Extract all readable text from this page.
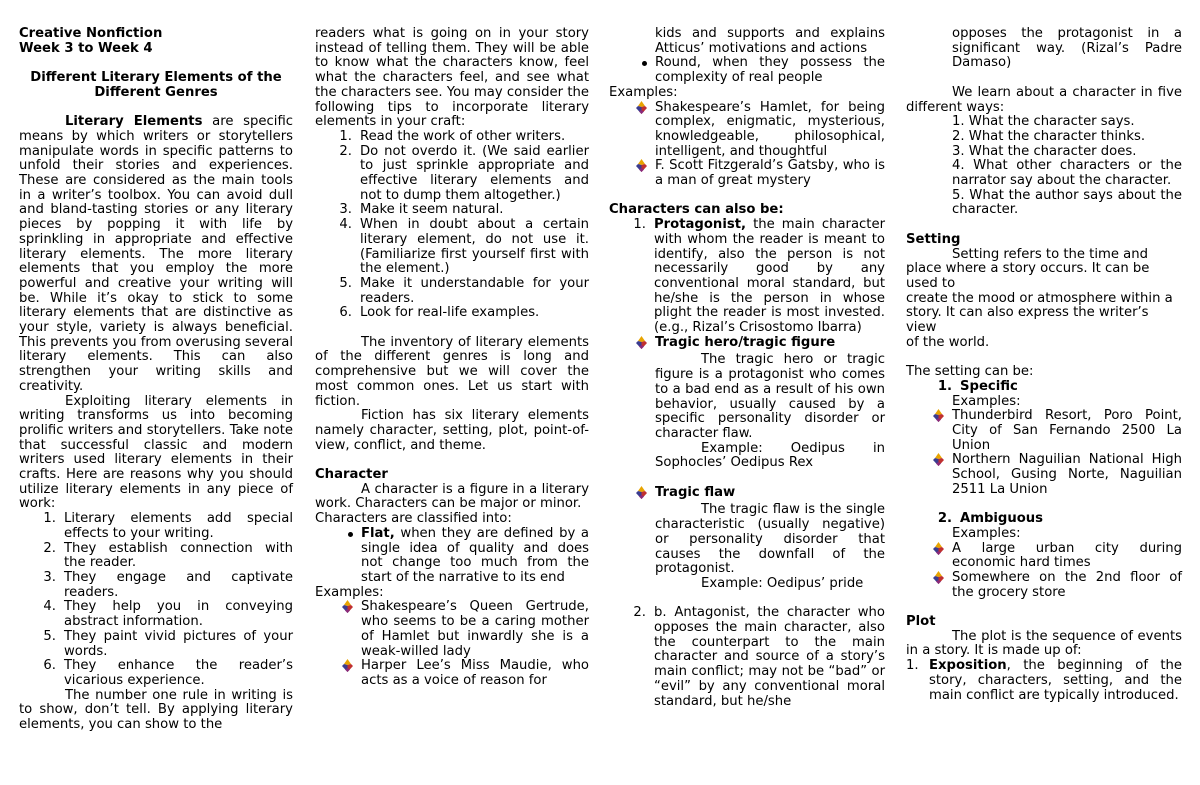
Creative Nonfiction

Week 3 to Week 4

Different Literary Elements of the Different Genres

Literary Elements are specific means by which writers or storytellers manipulate words in specific patterns to unfold their stories and experiences. These are considered as the main tools in a writer’s toolbox. You can avoid dull and bland-tasting stories or any literary pieces by popping it with life by sprinkling in appropriate and effective literary elements. The more literary elements that you employ the more powerful and creative your writing will be. While it’s okay to stick to some literary elements that are distinctive as your style, variety is always beneficial. This prevents you from overusing several literary elements. This can also strengthen your writing skills and creativity.

Exploiting literary elements in writing transforms us into becoming prolific writers and storytellers. Take note that successful classic and modern writers used literary elements in their crafts. Here are reasons why you should utilize literary elements in any piece of work:

1. Literary elements add special effects to your writing.
2. They establish connection with the reader.
3. They engage and captivate readers.
4. They help you in conveying abstract information.
5. They paint vivid pictures of your words.
6. They enhance the reader’s vicarious experience.

The number one rule in writing is to show, don’t tell. By applying literary elements, you can show to the

readers what is going on in your story instead of telling them. They will be able to know what the characters know, feel what the characters feel, and see what the characters see. You may consider the following tips to incorporate literary elements in your craft:

1. Read the work of other writers.
2. Do not overdo it. (We said earlier to just sprinkle appropriate and effective literary elements and not to dump them altogether.)
3. Make it seem natural.
4. When in doubt about a certain literary element, do not use it. (Familiarize first yourself first with the element.)
5. Make it understandable for your readers.
6. Look for real-life examples.

The inventory of literary elements of the different genres is long and comprehensive but we will cover the most common ones. Let us start with fiction.

Fiction has six literary elements namely character, setting, plot, point-of-view, conflict, and theme.

Character

A character is a figure in a literary work. Characters can be major or minor.

Characters are classified into:

Flat, when they are defined by a single idea of quality and does not change too much from the start of the narrative to its end

Examples:

Shakespeare’s Queen Gertrude, who seems to be a caring mother of Hamlet but inwardly she is a weak-willed lady
Harper Lee’s Miss Maudie, who acts as a voice of reason for

kids and supports and explains Atticus’ motivations and actions

Round, when they possess the complexity of real people

Examples:

Shakespeare’s Hamlet, for being complex, enigmatic, mysterious, knowledgeable, philosophical, intelligent, and thoughtful
F. Scott Fitzgerald’s Gatsby, who is a man of great mystery

Characters can also be:

1. Protagonist, the main character with whom the reader is meant to identify, also the person is not necessarily good by any conventional moral standard, but he/she is the person in whose plight the reader is most invested. (e.g., Rizal’s Crisostomo Ibarra)
Tragic hero/tragic figure

The tragic hero or tragic figure is a protagonist who comes to a bad end as a result of his own behavior, usually caused by a specific personality disorder or character flaw.

Example: Oedipus in Sophocles’ Oedipus Rex

Tragic flaw

The tragic flaw is the single characteristic (usually negative) or personality disorder that causes the downfall of the protagonist.

Example: Oedipus’ pride

2. b. Antagonist, the character who opposes the main character, also the counterpart to the main character and source of a story’s main conflict; may not be “bad” or “evil” by any conventional moral standard, but he/she

opposes the protagonist in a significant way. (Rizal’s Padre Damaso)

We learn about a character in five different ways:

1. What the character says.

2. What the character thinks.

3. What the character does.

4. What other characters or the narrator say about the character.

5. What the author says about the character.

Setting

Setting refers to the time and place where a story occurs. It can be used to

create the mood or atmosphere within a story. It can also express the writer’s view

of the world.

The setting can be:

1. Specific

Examples:

Thunderbird Resort, Poro Point, City of San Fernando 2500 La Union
Northern Naguilian National High School, Gusing Norte, Naguilian 2511 La Union
2. Ambiguous

Examples:

A large urban city during economic hard times
Somewhere on the 2nd floor of the grocery store

Plot

The plot is the sequence of events in a story. It is made up of:

1. Exposition, the beginning of the story, characters, setting, and the main conflict are typically introduced.
